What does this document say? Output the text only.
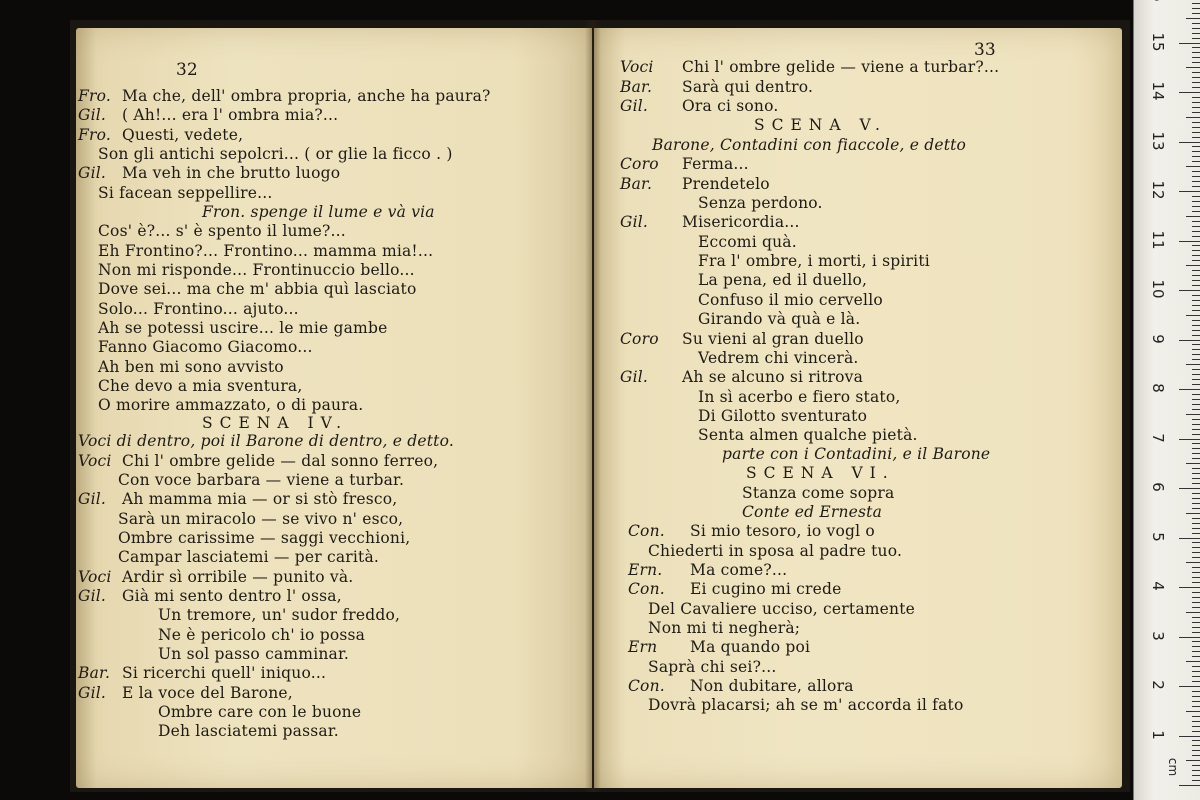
32
Fro. Ma che, dell' ombra propria, anche ha paura?
Gil. ( Ah!... era l' ombra mia?...
Fro. Questi, vedete,
Son gli antichi sepolcri... ( or glie la ficco . )
Gil. Ma veh in che brutto luogo
Si facean seppellire...
Fron. spenge il lume e và via
Cos' è?... s' è spento il lume?...
Eh Frontino?... Frontino... mamma mia!...
Non mi risponde... Frontinuccio bello...
Dove sei... ma che m' abbia quì lasciato
Solo... Frontino... ajuto...
Ah se potessi uscire... le mie gambe
Fanno Giacomo Giacomo...
Ah ben mi sono avvisto
Che devo a mia sventura,
O morire ammazzato, o di paura.
SCENA IV.
Voci di dentro, poi il Barone di dentro, e detto.
Voci Chi l' ombre gelide — dal sonno ferreo,
Con voce barbara — viene a turbar.
Gil. Ah mamma mia — or si stò fresco,
Sarà un miracolo — se vivo n' esco,
Ombre carissime — saggi vecchioni,
Campar lasciatemi — per carità.
Voci Ardir sì orribile — punito và.
Gil. Già mi sento dentro l' ossa,
Un tremore, un' sudor freddo,
Ne è pericolo ch' io possa
Un sol passo camminar.
Bar. Si ricerchi quell' iniquo...
Gil. E la voce del Barone,
Ombre care con le buone
Deh lasciatemi passar.
33
Voci Chi l' ombre gelide — viene a turbar?...
Bar. Sarà qui dentro.
Gil. Ora ci sono.
SCENA V.
Barone, Contadini con fiaccole, e detto
Coro Ferma...
Bar. Prendetelo
Senza perdono.
Gil. Misericordia...
Eccomi quà.
Fra l' ombre, i morti, i spiriti
La pena, ed il duello,
Confuso il mio cervello
Girando và quà e là.
Coro Su vieni al gran duello
Vedrem chi vincerà.
Gil. Ah se alcuno si ritrova
In sì acerbo e fiero stato,
Di Gilotto sventurato
Senta almen qualche pietà.
parte con i Contadini, e il Barone
SCENA VI.
Stanza come sopra
Conte ed Ernesta
Con. Si mio tesoro, io vogl o
Chiederti in sposa al padre tuo.
Ern. Ma come?...
Con. Ei cugino mi crede
Del Cavaliere ucciso, certamente
Non mi ti negherà;
Ern Ma quando poi
Saprà chi sei?...
Con. Non dubitare, allora
Dovrà placarsi; ah se m' accorda il fato
cm
1
2
3
4
5
6
7
8
9
10
11
12
13
14
15
